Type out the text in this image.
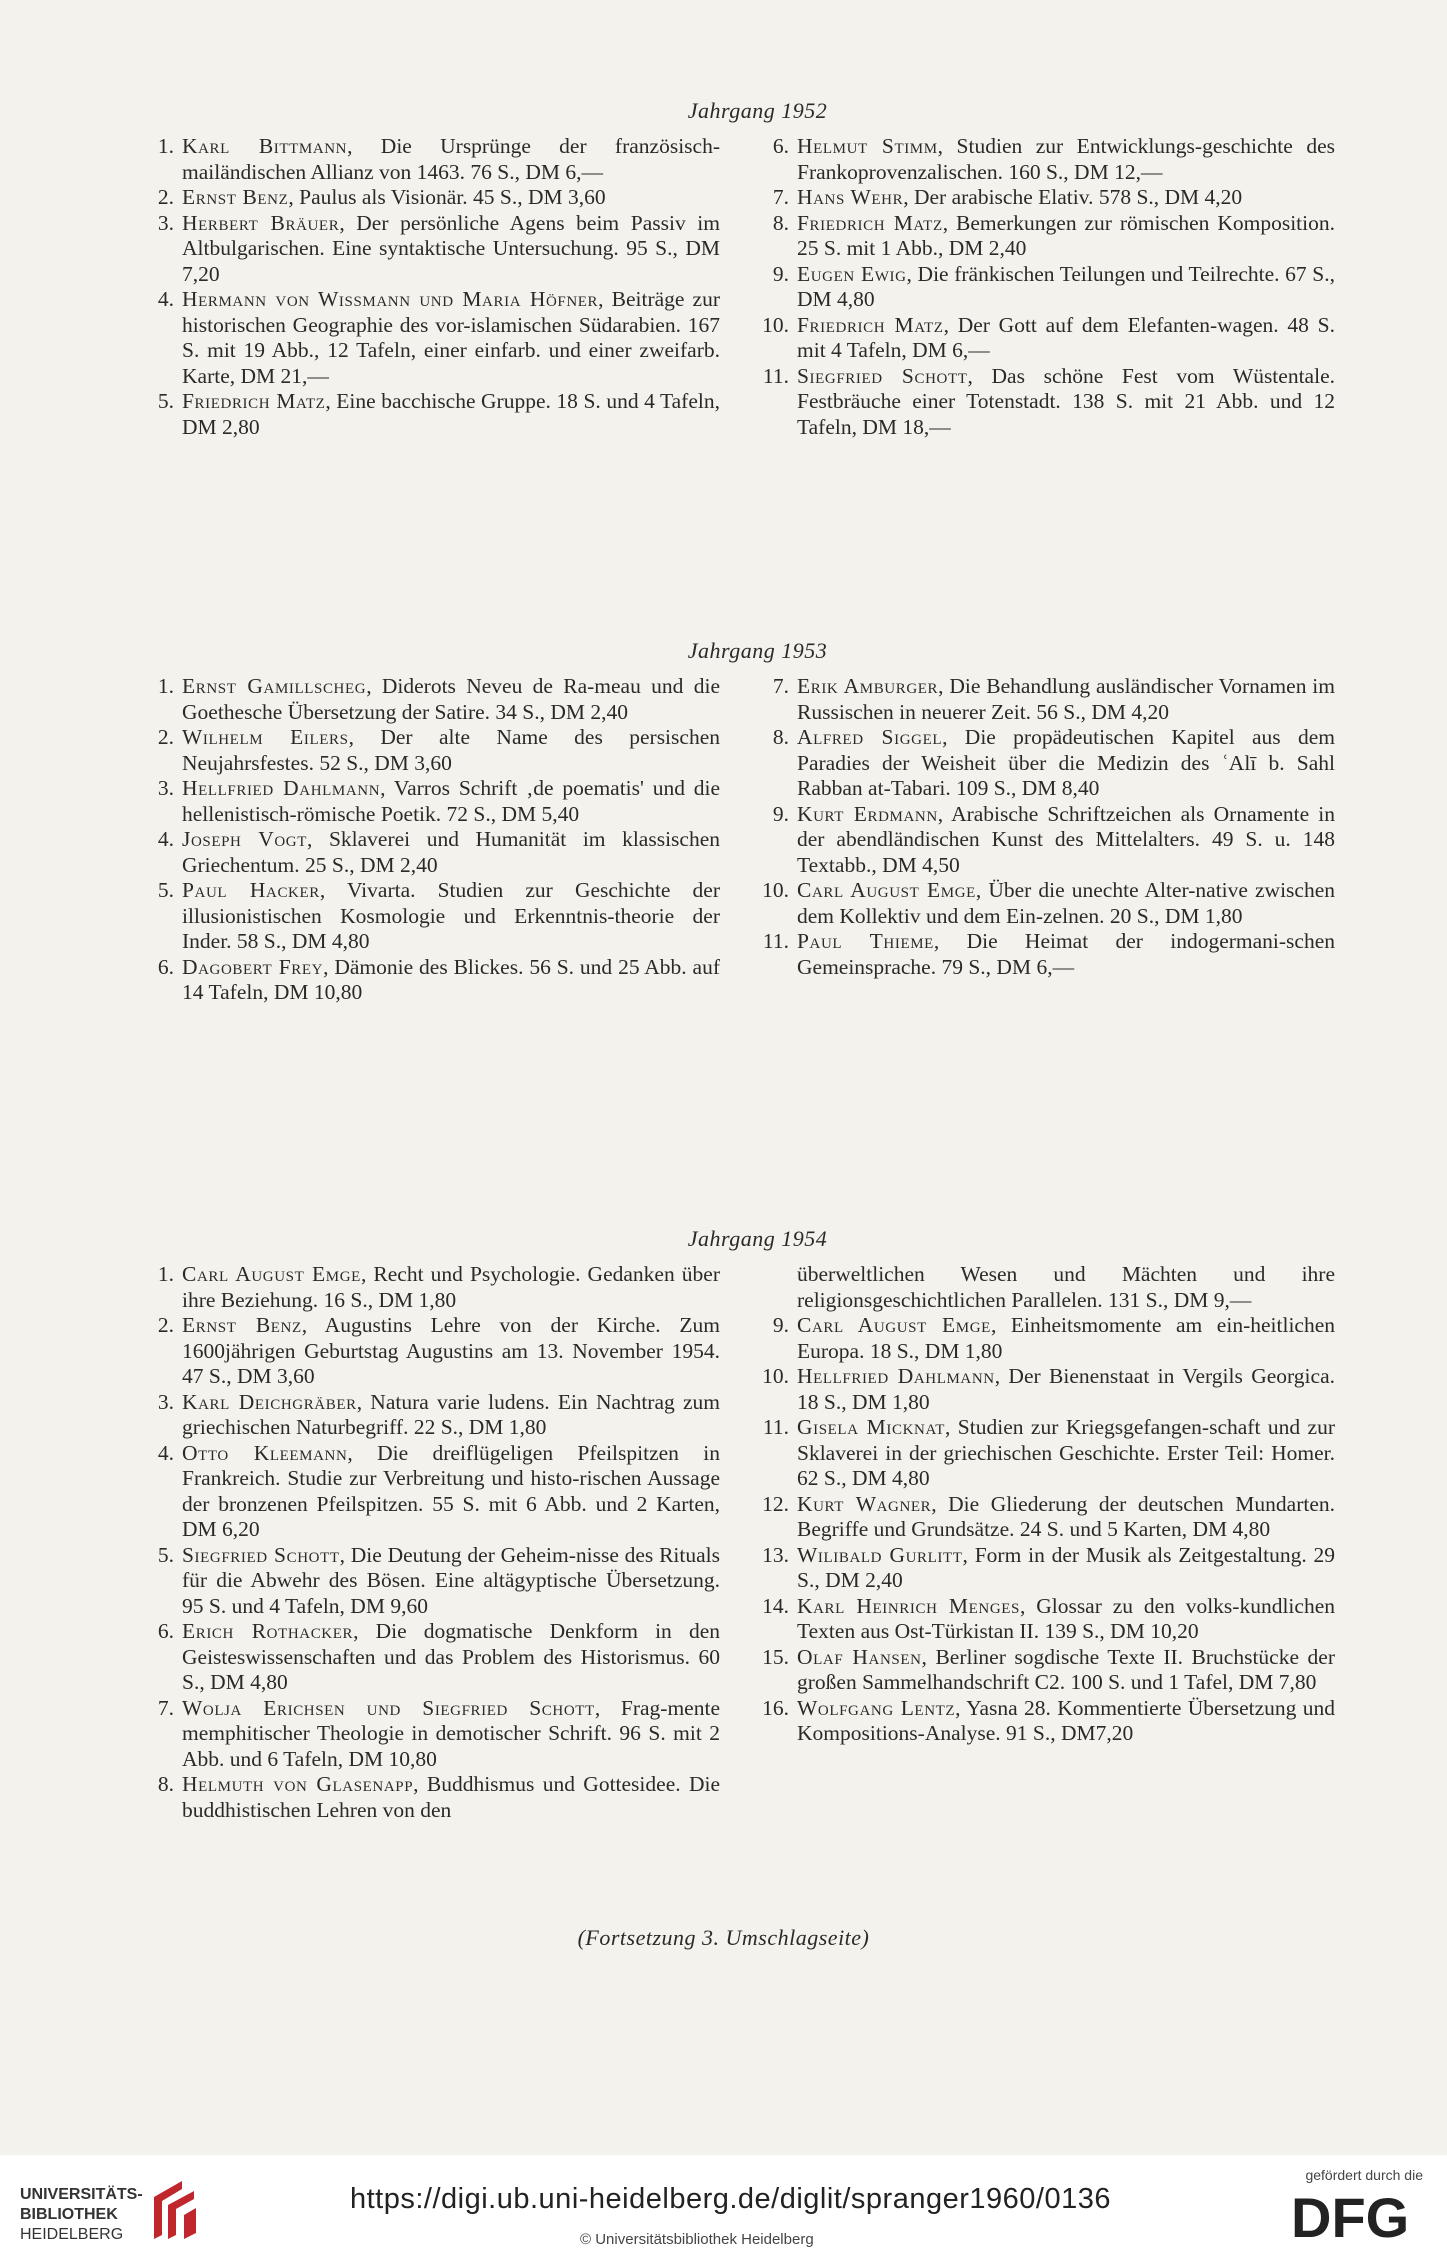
Jahrgang 1952
1. Karl Bittmann, Die Ursprünge der französisch-mailändischen Allianz von 1463. 76 S., DM 6,—
2. Ernst Benz, Paulus als Visionär. 45 S., DM 3,60
3. Herbert Bräuer, Der persönliche Agens beim Passiv im Altbulgarischen. Eine syntaktische Untersuchung. 95 S., DM 7,20
4. Hermann von Wissmann und Maria Höfner, Beiträge zur historischen Geographie des vor-islamischen Südarabien. 167 S. mit 19 Abb., 12 Tafeln, einer einfarb. und einer zweifarb. Karte, DM 21,—
5. Friedrich Matz, Eine bacchische Gruppe. 18 S. und 4 Tafeln, DM 2,80
6. Helmut Stimm, Studien zur Entwicklungs-geschichte des Frankoprovenzalischen. 160 S., DM 12,—
7. Hans Wehr, Der arabische Elativ. 578 S., DM 4,20
8. Friedrich Matz, Bemerkungen zur römischen Komposition. 25 S. mit 1 Abb., DM 2,40
9. Eugen Ewig, Die fränkischen Teilungen und Teilrechte. 67 S., DM 4,80
10. Friedrich Matz, Der Gott auf dem Elefanten-wagen. 48 S. mit 4 Tafeln, DM 6,—
11. Siegfried Schott, Das schöne Fest vom Wüstentale. Festbräuche einer Totenstadt. 138 S. mit 21 Abb. und 12 Tafeln, DM 18,—
Jahrgang 1953
1. Ernst Gamillscheg, Diderots Neveu de Ra-meau und die Goethesche Übersetzung der Satire. 34 S., DM 2,40
2. Wilhelm Eilers, Der alte Name des persischen Neujahrsfestes. 52 S., DM 3,60
3. Hellfried Dahlmann, Varros Schrift ‚de poematis' und die hellenistisch-römische Poetik. 72 S., DM 5,40
4. Joseph Vogt, Sklaverei und Humanität im klassischen Griechentum. 25 S., DM 2,40
5. Paul Hacker, Vivarta. Studien zur Geschichte der illusionistischen Kosmologie und Erkenntnis-theorie der Inder. 58 S., DM 4,80
6. Dagobert Frey, Dämonie des Blickes. 56 S. und 25 Abb. auf 14 Tafeln, DM 10,80
7. Erik Amburger, Die Behandlung ausländischer Vornamen im Russischen in neuerer Zeit. 56 S., DM 4,20
8. Alfred Siggel, Die propädeutischen Kapitel aus dem Paradies der Weisheit über die Medizin des ʿAlī b. Sahl Rabban at-Tabari. 109 S., DM 8,40
9. Kurt Erdmann, Arabische Schriftzeichen als Ornamente in der abendländischen Kunst des Mittelalters. 49 S. u. 148 Textabb., DM 4,50
10. Carl August Emge, Über die unechte Alter-native zwischen dem Kollektiv und dem Ein-zelnen. 20 S., DM 1,80
11. Paul Thieme, Die Heimat der indogermani-schen Gemeinsprache. 79 S., DM 6,—
Jahrgang 1954
1. Carl August Emge, Recht und Psychologie. Gedanken über ihre Beziehung. 16 S., DM 1,80
2. Ernst Benz, Augustins Lehre von der Kirche. Zum 1600jährigen Geburtstag Augustins am 13. November 1954. 47 S., DM 3,60
3. Karl Deichgräber, Natura varie ludens. Ein Nachtrag zum griechischen Naturbegriff. 22 S., DM 1,80
4. Otto Kleemann, Die dreiflügeligen Pfeilspitzen in Frankreich. Studie zur Verbreitung und histo-rischen Aussage der bronzenen Pfeilspitzen. 55 S. mit 6 Abb. und 2 Karten, DM 6,20
5. Siegfried Schott, Die Deutung der Geheim-nisse des Rituals für die Abwehr des Bösen. Eine altägyptische Übersetzung. 95 S. und 4 Tafeln, DM 9,60
6. Erich Rothacker, Die dogmatische Denkform in den Geisteswissenschaften und das Problem des Historismus. 60 S., DM 4,80
7. Wolja Erichsen und Siegfried Schott, Frag-mente memphitischer Theologie in demotischer Schrift. 96 S. mit 2 Abb. und 6 Tafeln, DM 10,80
8. Helmuth von Glasenapp, Buddhismus und Gottesidee. Die buddhistischen Lehren von den
überweltlichen Wesen und Mächten und ihre religionsgeschichtlichen Parallelen. 131 S., DM 9,—
9. Carl August Emge, Einheitsmomente am ein-heitlichen Europa. 18 S., DM 1,80
10. Hellfried Dahlmann, Der Bienenstaat in Vergils Georgica. 18 S., DM 1,80
11. Gisela Micknat, Studien zur Kriegsgefangen-schaft und zur Sklaverei in der griechischen Geschichte. Erster Teil: Homer. 62 S., DM 4,80
12. Kurt Wagner, Die Gliederung der deutschen Mundarten. Begriffe und Grundsätze. 24 S. und 5 Karten, DM 4,80
13. Wilibald Gurlitt, Form in der Musik als Zeitgestaltung. 29 S., DM 2,40
14. Karl Heinrich Menges, Glossar zu den volks-kundlichen Texten aus Ost-Türkistan II. 139 S., DM 10,20
15. Olaf Hansen, Berliner sogdische Texte II. Bruchstücke der großen Sammelhandschrift C2. 100 S. und 1 Tafel, DM 7,80
16. Wolfgang Lentz, Yasna 28. Kommentierte Übersetzung und Kompositions-Analyse. 91 S., DM7,20
(Fortsetzung 3. Umschlagseite)
UNIVERSITÄTS-
BIBLIOTHEK
HEIDELBERG
https://digi.ub.uni-heidelberg.de/diglit/spranger1960/0136
© Universitätsbibliothek Heidelberg
gefördert durch die
DFG
